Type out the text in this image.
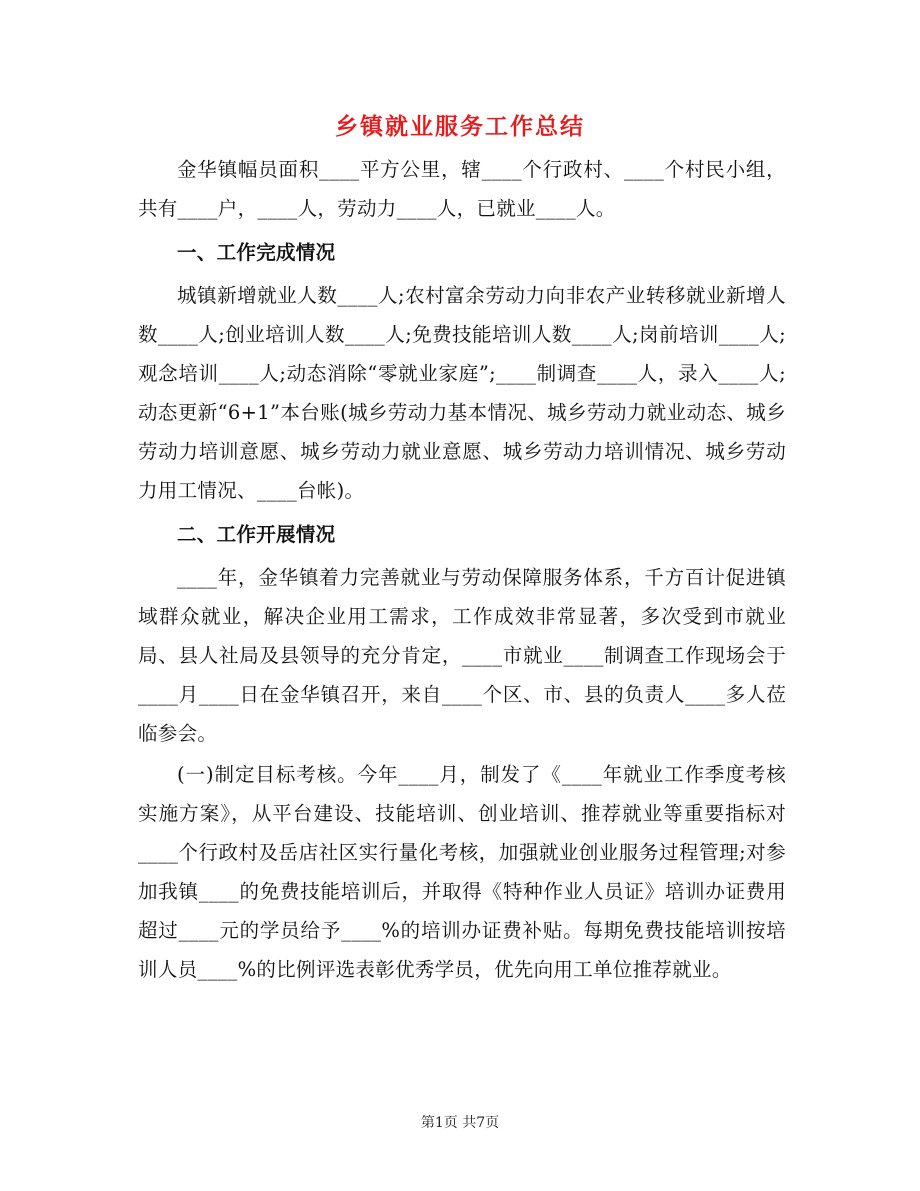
乡镇就业服务工作总结

金华镇幅员面积____平方公里，辖____个行政村、____个村民小组，共有____户，____人，劳动力____人，已就业____人。

一、工作完成情况

城镇新增就业人数____人;农村富余劳动力向非农产业转移就业新增人数____人;创业培训人数____人;免费技能培训人数____人;岗前培训____人;观念培训____人;动态消除“零就业家庭”;____制调查____人，录入____人;动态更新“6+1”本台账(城乡劳动力基本情况、城乡劳动力就业动态、城乡劳动力培训意愿、城乡劳动力就业意愿、城乡劳动力培训情况、城乡劳动力用工情况、____台帐)。

二、工作开展情况

____年，金华镇着力完善就业与劳动保障服务体系，千方百计促进镇域群众就业，解决企业用工需求，工作成效非常显著，多次受到市就业局、县人社局及县领导的充分肯定，____市就业____制调查工作现场会于____月____日在金华镇召开，来自____个区、市、县的负责人____多人莅临参会。

(一)制定目标考核。今年____月，制发了《____年就业工作季度考核实施方案》，从平台建设、技能培训、创业培训、推荐就业等重要指标对____个行政村及岳店社区实行量化考核，加强就业创业服务过程管理;对参加我镇____的免费技能培训后，并取得《特种作业人员证》培训办证费用超过____元的学员给予____%的培训办证费补贴。每期免费技能培训按培训人员____%的比例评选表彰优秀学员，优先向用工单位推荐就业。

第1页 共7页
